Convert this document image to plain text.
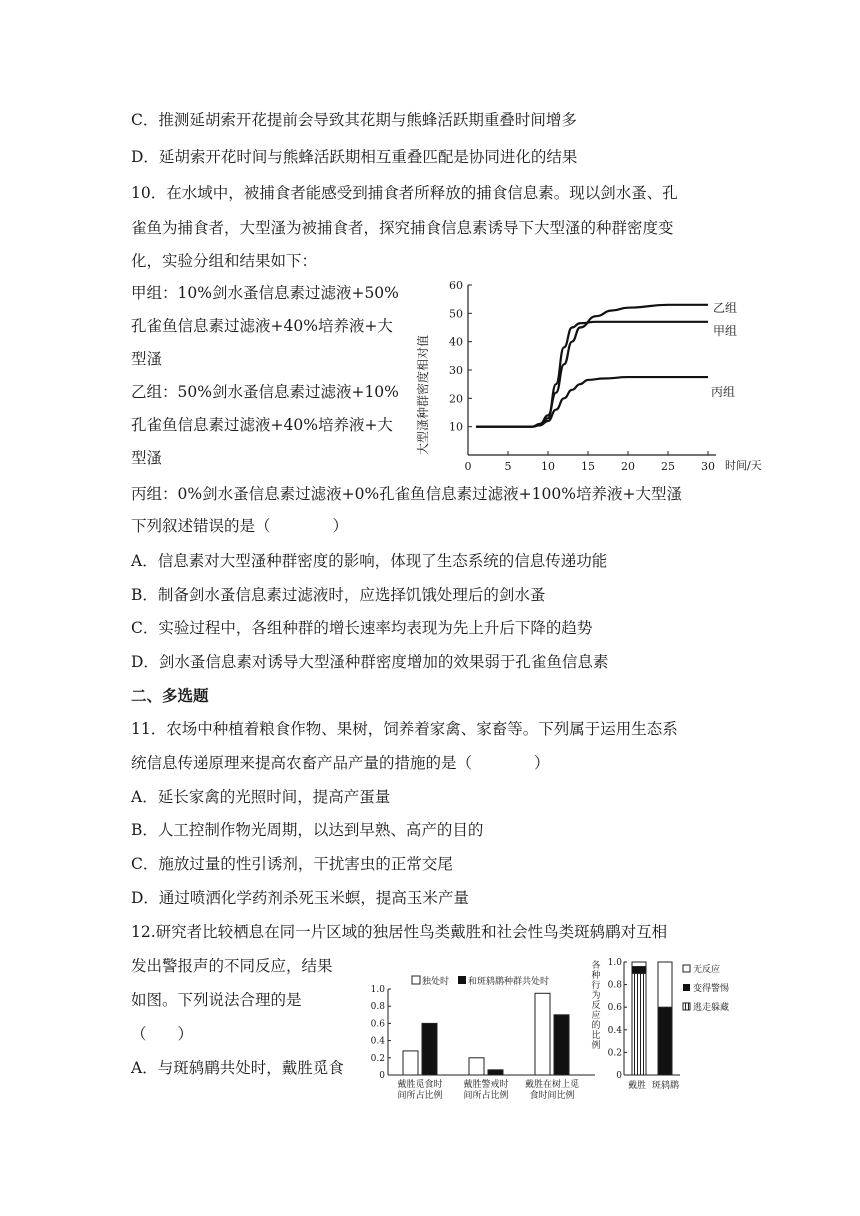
C．推测延胡索开花提前会导致其花期与熊蜂活跃期重叠时间增多
D．延胡索开花时间与熊蜂活跃期相互重叠匹配是协同进化的结果
10．在水域中，被捕食者能感受到捕食者所释放的捕食信息素。现以剑水蚤、孔
雀鱼为捕食者，大型溞为被捕食者，探究捕食信息素诱导下大型溞的种群密度变
化，实验分组和结果如下：
甲组：10%剑水蚤信息素过滤液+50%
孔雀鱼信息素过滤液+40%培养液+大
型溞
乙组：50%剑水蚤信息素过滤液+10%
孔雀鱼信息素过滤液+40%培养液+大
型溞
丙组：0%剑水蚤信息素过滤液+0%孔雀鱼信息素过滤液+100%培养液+大型溞
下列叙述错误的是（　　　　）
A．信息素对大型溞种群密度的影响，体现了生态系统的信息传递功能
B．制备剑水蚤信息素过滤液时，应选择饥饿处理后的剑水蚤
C．实验过程中，各组种群的增长速率均表现为先上升后下降的趋势
D．剑水蚤信息素对诱导大型溞种群密度增加的效果弱于孔雀鱼信息素
二、多选题
11．农场中种植着粮食作物、果树，饲养着家禽、家畜等。下列属于运用生态系
统信息传递原理来提高农畜产品产量的措施的是（　　　　）
A．延长家禽的光照时间，提高产蛋量
B．人工控制作物光周期，以达到早熟、高产的目的
C．施放过量的性引诱剂，干扰害虫的正常交尾
D．通过喷洒化学药剂杀死玉米螟，提高玉米产量
12.研究者比较栖息在同一片区域的独居性鸟类戴胜和社会性鸟类斑鸫鹛对互相
发出警报声的不同反应，结果
如图。下列说法合理的是
（　　）
A．与斑鸫鹛共处时，戴胜觅食
0	5	10 15 20 25 30
10
20
30
40
50
60
大型溞种群密度相对值
时间/天
乙组
甲组
丙组
独处时 和斑鸫鹛种群共处时
0
0.2
0.4
0.6
0.8
1.0
戴胜觅食时
间所占比例
戴胜警戒时
间所占比例
戴胜在树上觅
食时间比例
各
种
行
为
反
应
的
比
例
0
0.2
0.4
0.6
0.8
1.0
无反应
变得警惕
逃走躲藏
戴胜 斑鸫鹛
